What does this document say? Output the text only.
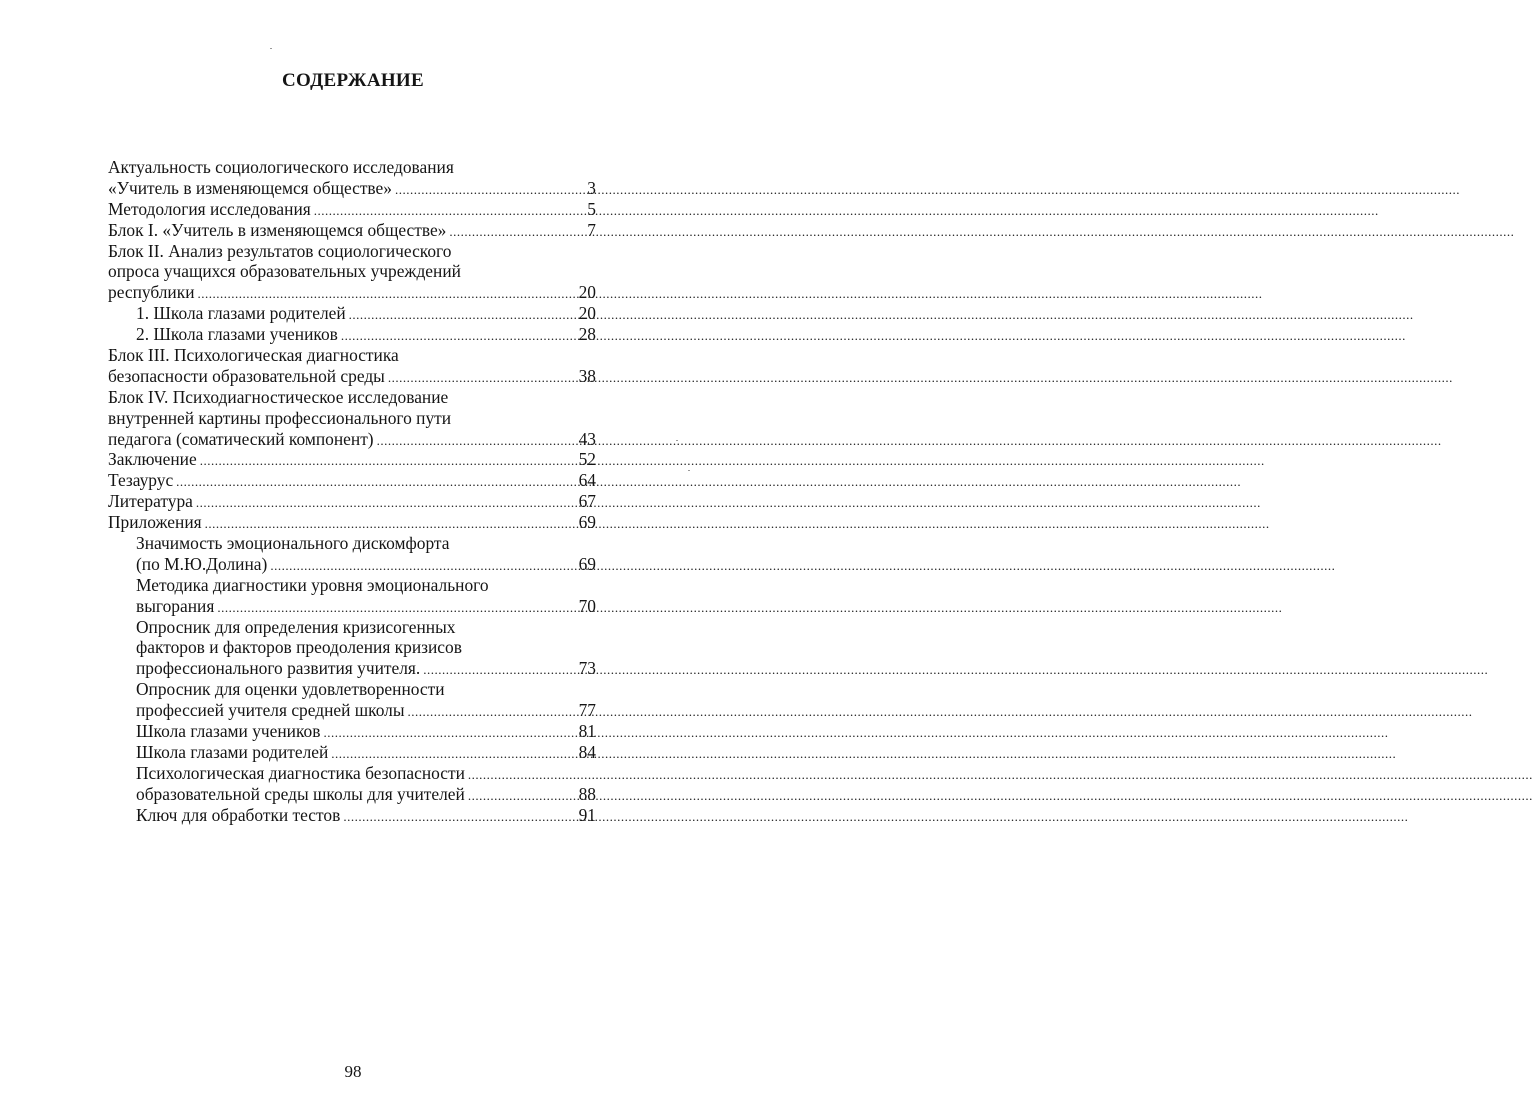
СОДЕРЖАНИЕ
Актуальность социологического исследования
«Учитель в изменяющемся обществе» .....	3
Методология исследования .....	5
Блок I. «Учитель в изменяющемся обществе» .....	7
Блок II. Анализ результатов социологического
опроса учащихся образовательных учреждений
республики .....	20
1. Школа глазами родителей .....	20
2. Школа глазами учеников .....	28
Блок III. Психологическая диагностика
безопасности образовательной среды .....	38
Блок IV. Психодиагностическое исследование
внутренней картины профессионального пути
педагога (соматический компонент) .....	43
Заключение .....	52
Тезаурус .....	64
Литература .....	67
Приложения .....	69
Значимость эмоционального дискомфорта
(по М.Ю.Долина) .....	69
Методика диагностики уровня эмоционального
выгорания .....	70
Опросник для определения кризисогенных
факторов и факторов преодоления кризисов
профессионального развития учителя. .....	73
Опросник для оценки удовлетворенности
профессией учителя средней школы .....	77
Школа глазами учеников .....	81
Школа глазами родителей .....	84
Психологическая диагностика безопасности
.....
образовательной среды школы для учителей .....	88
Ключ для обработки тестов .....	91
98
